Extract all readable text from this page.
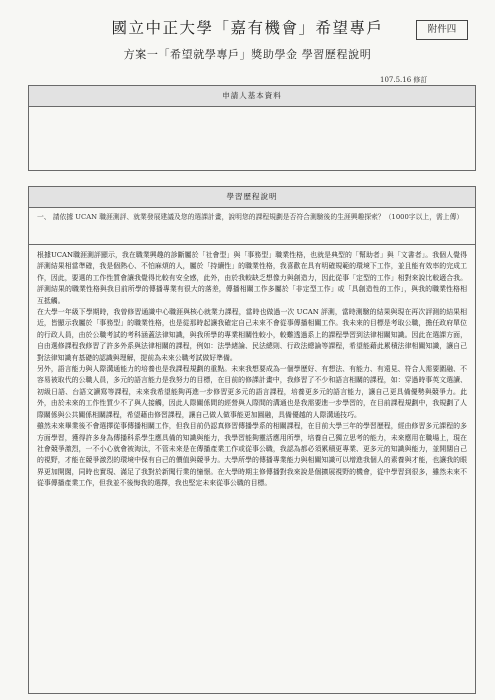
國立中正大學「嘉有機會」希望專戶	附件四
方案一「希望就學專戶」獎助學金 學習歷程說明
107.5.16 修訂
申請人基本資料
學習歷程說明
一、 請依據 UCAN 職涯測評、就業發展建議及您的選課計畫，說明您的課程規劃是否符合測驗後的生涯興趣探索？（1000字以上，需上傳）

根據UCAN職涯測評顯示，我在職業興趣的診斷屬於「社會型」與「事務型」職業性格，也就是典型的「幫助者」與「文書者」。我個人覺得評測結果相當準確，我是個熱心、不怕麻煩的人，屬於「持續性」的職業性格，我喜歡在具有明確規範的環境下工作，並且能有效率的完成工作，因此，要選的工作性質會讓我覺得比較有安全感，此外，由於我較缺乏想像力與創造力，因此從事「定型的工作」相對來說比較適合我。評測結果的職業性格與我目前所學的傳播專業有很大的落差，傳播相關工作多屬於「非定型工作」或「具創造性的工作」，與我的職業性格相互抵觸。

在大學一年級下學期時，我曾修習通識中心職涯與核心就業力課程，當時也做過一次 UCAN 評測，當時測驗的結果與現在再次評測的結果相近，皆顯示我屬於「事務型」的職業性格，也是從那時起讓我確定自己未來不會從事傳播相關工作。我未來的目標是考取公職，擔任政府單位的行政人員，由於公職考試的考科涵蓋法律知識，與我所學的專業相關性較小，較難透過系上的課程學習到法律相關知識。因此在選課方面，自由選修課程我修習了許多外系與法律相關的課程，例如：法學緒論、民法總則、行政法總論等課程，希望能藉此累積法律相關知識，讓自己對法律知識有基礎的認識與理解，提前為未來公職考試做好準備。

另外，語言能力與人際溝通能力的培養也是我課程規劃的重點。未來我想要成為一個學歷好、有想法、有能力、有遠見、符合人需要圍融、不容易被取代的公職人員，多元的語言能力是我努力的目標，在目前的修課計畫中，我修習了不少和語言相關的課程，如：穿過時事英文選讀、初級日語、台語文讀寫等課程，未來我希望能夠再進一步修習更多元的語言課程，培養更多元的語言能力，讓自己更具備優勢與競爭力。此外，由於未來的工作性質少不了與人接觸，因此人際關係間的經營與人際間的溝通也是我需要進一步學習的，在目前課程規劃中，我規劃了人際關係與公共關係相關課程，希望藉由修習課程，讓自己做人做事能更加圓融，具備優越的人際溝通技巧。

雖然未來畢業後不會選擇從事傳播相關工作，但我目前仍認真修習傳播學系的相關課程，在目前大學三年的學習歷程，經由修習多元課程的多方面學習，獲得許多身為傳播科系學生應具備的知識與能力，我學習能夠靈活應用所學，培養自己獨立思考的能力，未來應用在職場上，現在社會競爭激烈，一不小心就會被淘汰，不管未來是在傳播產業工作或從事公職，我認為都必須累積更專業、更多元的知識與能力，並開闊自己的視野，才能在競爭激烈的環境中保有自己的價值與競爭力。大學所學的傳播專業能力與相關知識可以增進我個人的素養與才能，也讓我的眼界更加開闊，同時也實現、滿足了我對於新聞行業的憧憬。在大學時期主修傳播對我來說是個擴展視野的機會，從中學習到很多，雖然未來不從事傳播產業工作，但我並不後悔我的選擇，我也堅定未來從事公職的目標。
